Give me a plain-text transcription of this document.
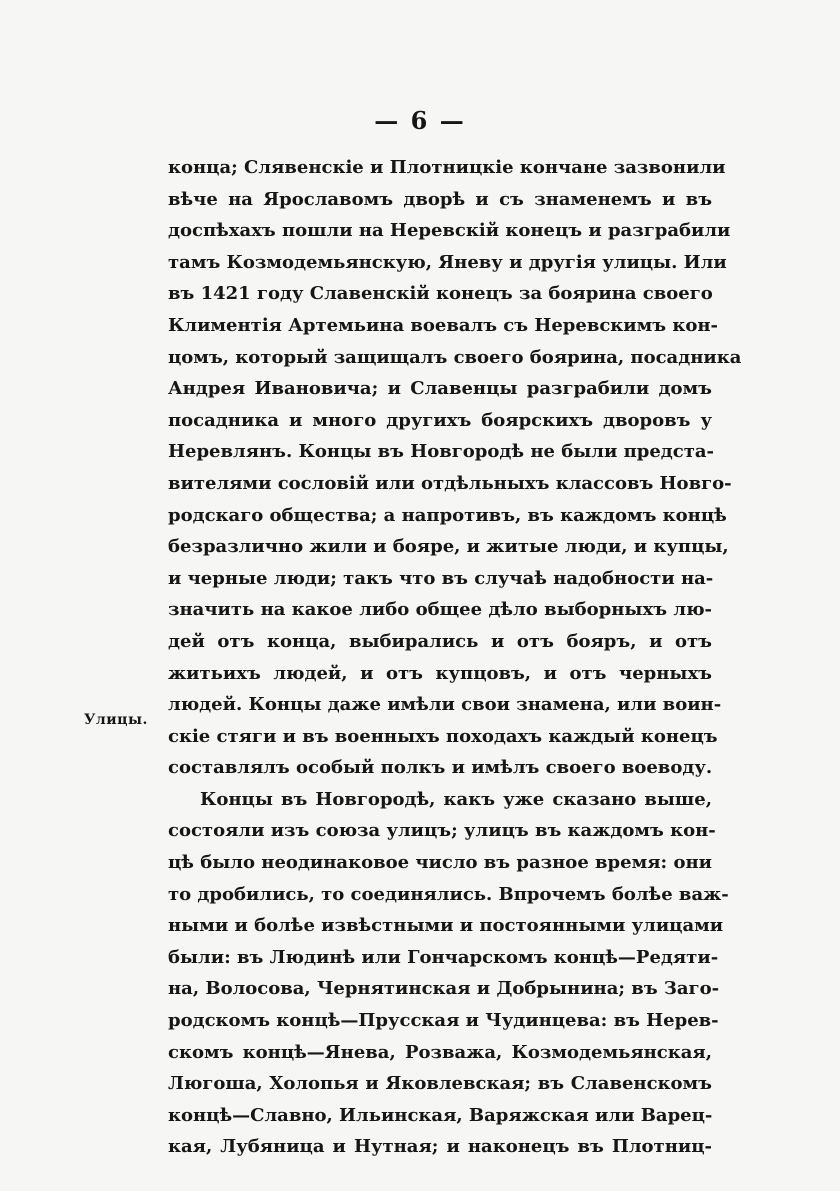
— 6 —
Улицы.
конца; Слявенскіе и Плотницкіе кончане зазвонили
вѣче на Ярославомъ дворѣ и съ знаменемъ и въ
доспѣхахъ пошли на Неревскій конецъ и разграбили
тамъ Козмодемьянскую, Яневу и другія улицы. Или
въ 1421 году Славенскій конецъ за боярина своего
Климентія Артемьина воевалъ съ Неревскимъ кон-
цомъ, который защищалъ своего боярина, посадника
Андрея Ивановича; и Славенцы разграбили домъ
посадника и много другихъ боярскихъ дворовъ у
Неревлянъ. Концы въ Новгородѣ не были предста-
вителями сословій или отдѣльныхъ классовъ Новго-
родскаго общества; а напротивъ, въ каждомъ концѣ
безразлично жили и бояре, и житые люди, и купцы,
и черные люди; такъ что въ случаѣ надобности на-
значить на какое либо общее дѣло выборныхъ лю-
дей отъ конца, выбирались и отъ бояръ, и отъ
житьихъ людей, и отъ купцовъ, и отъ черныхъ
людей. Концы даже имѣли свои знамена, или воин-
скіе стяги и въ военныхъ походахъ каждый конецъ
составлялъ особый полкъ и имѣлъ своего воеводу.
Концы въ Новгородѣ, какъ уже сказано выше,
состояли изъ союза улицъ; улицъ въ каждомъ кон-
цѣ было неодинаковое число въ разное время: они
то дробились, то соединялись. Впрочемъ болѣе важ-
ными и болѣе извѣстными и постоянными улицами
были: въ Людинѣ или Гончарскомъ концѣ—Редяти-
на, Волосова, Чернятинская и Добрынина; въ Заго-
родскомъ концѣ—Прусская и Чудинцева: въ Нерев-
скомъ концѣ—Янева, Розважа, Козмодемьянская,
Люгоша, Холопья и Яковлевская; въ Славенскомъ
концѣ—Славно, Ильинская, Варяжская или Варец-
кая, Лубяница и Нутная; и наконецъ въ Плотниц-
